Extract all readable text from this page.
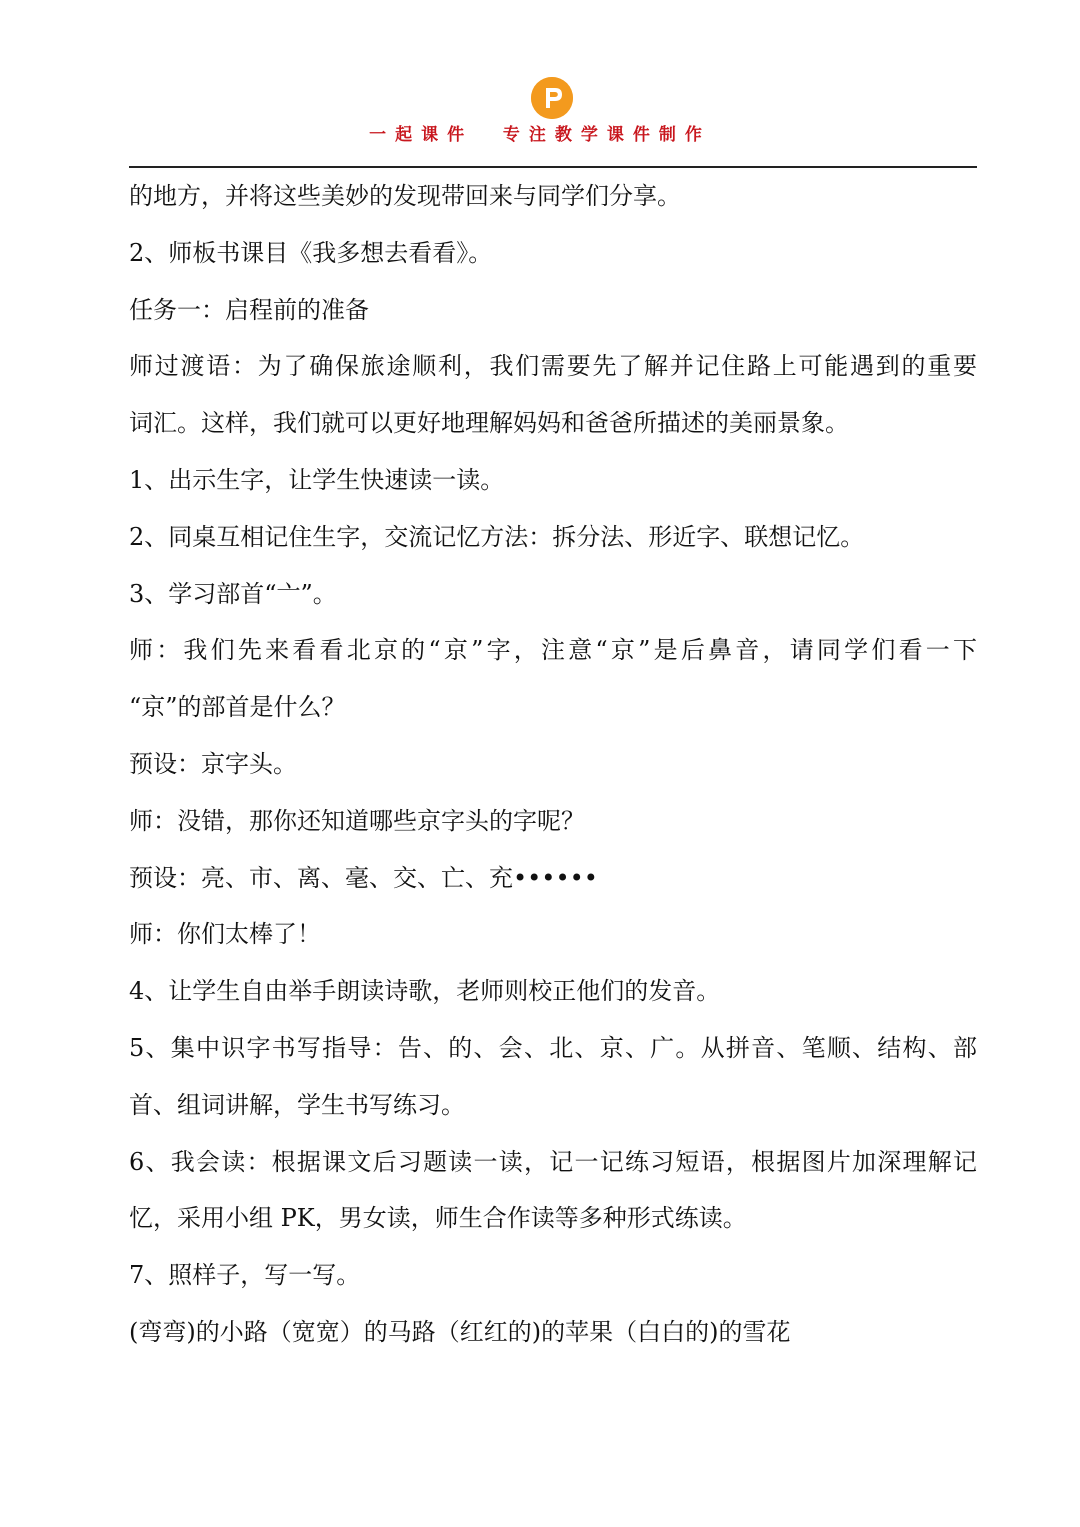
一起课件  专注教学课件制作
的地方，并将这些美妙的发现带回来与同学们分享。
2、师板书课目《我多想去看看》。
任务一：启程前的准备
师过渡语：为了确保旅途顺利，我们需要先了解并记住路上可能遇到的重要
词汇。这样，我们就可以更好地理解妈妈和爸爸所描述的美丽景象。
1、出示生字，让学生快速读一读。
2、同桌互相记住生字，交流记忆方法：拆分法、形近字、联想记忆。
3、学习部首“亠”。
师：我们先来看看北京的“京”字，注意“京”是后鼻音，请同学们看一下
“京”的部首是什么？
预设：京字头。
师：没错，那你还知道哪些京字头的字呢？
预设：亮、市、离、毫、交、亡、充••••••
师：你们太棒了！
4、让学生自由举手朗读诗歌，老师则校正他们的发音。
5、集中识字书写指导：告、的、会、北、京、广。从拼音、笔顺、结构、部
首、组词讲解，学生书写练习。
6、我会读：根据课文后习题读一读，记一记练习短语，根据图片加深理解记
忆，采用小组 PK，男女读，师生合作读等多种形式练读。
7、照样子，写一写。
(弯弯)的小路（宽宽）的马路（红红的)的苹果（白白的)的雪花
